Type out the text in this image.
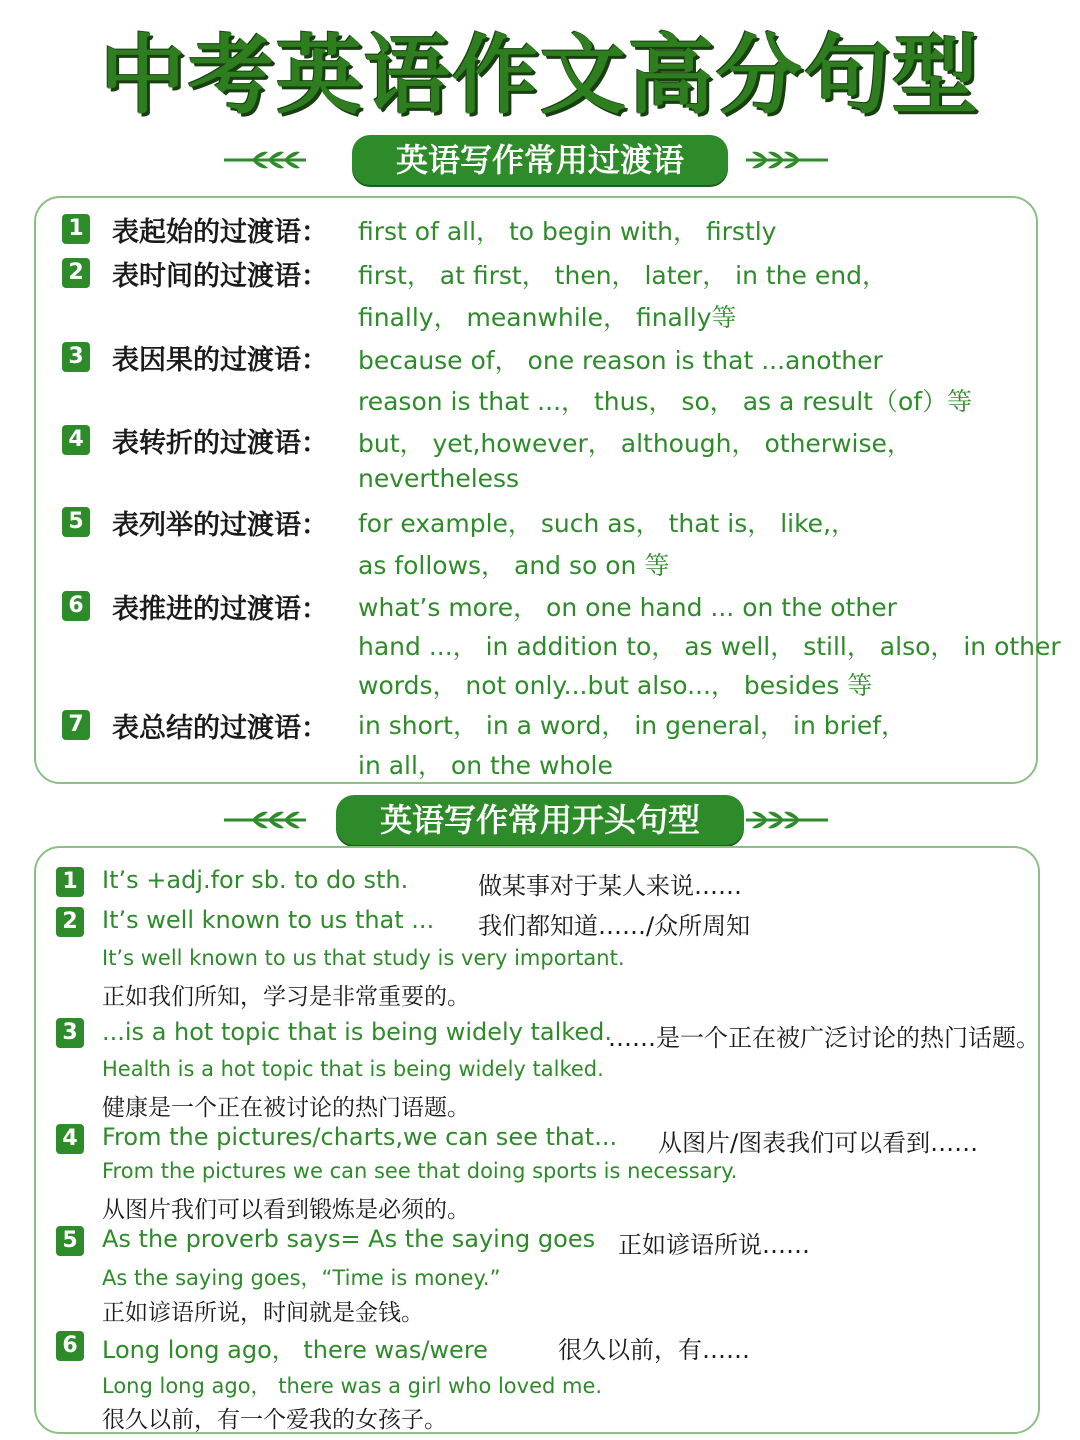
中考英语作文高分句型
英语写作常用过渡语
1 表起始的过渡语： first of all， to begin with， firstly
2 表时间的过渡语： first， at first， then， later， in the end，
finally， meanwhile， finally等
3 表因果的过渡语： because of， one reason is that ...another
reason is that ...， thus， so， as a result（of）等
4 表转折的过渡语： but， yet,however， although， otherwise，
nevertheless
5 表列举的过渡语： for example， such as， that is， like,，
as follows， and so on 等
6 表推进的过渡语： what’s more， on one hand ... on the other
hand ...， in addition to， as well， still， also， in other
words， not only...but also...， besides 等
7 表总结的过渡语： in short， in a word， in general， in brief，
in all， on the whole
英语写作常用开头句型
1 It’s +adj.for sb. to do sth.	做某事对于某人来说……
2 It’s well known to us that ... 我们都知道……/众所周知
It’s well known to us that study is very important.
正如我们所知，学习是非常重要的。
3 ...is a hot topic that is being widely talked.
……是一个正在被广泛讨论的热门话题。
Health is a hot topic that is being widely talked.
健康是一个正在被讨论的热门语题。
4 From the pictures/charts,we can see that... 从图片/图表我们可以看到……
From the pictures we can see that doing sports is necessary.
从图片我们可以看到锻炼是必须的。
5 As the proverb says= As the saying goes 正如谚语所说……
As the saying goes，“Time is money.”
正如谚语所说，时间就是金钱。
6 Long long ago， there was/were	很久以前，有……
Long long ago， there was a girl who loved me.
很久以前，有一个爱我的女孩子。
